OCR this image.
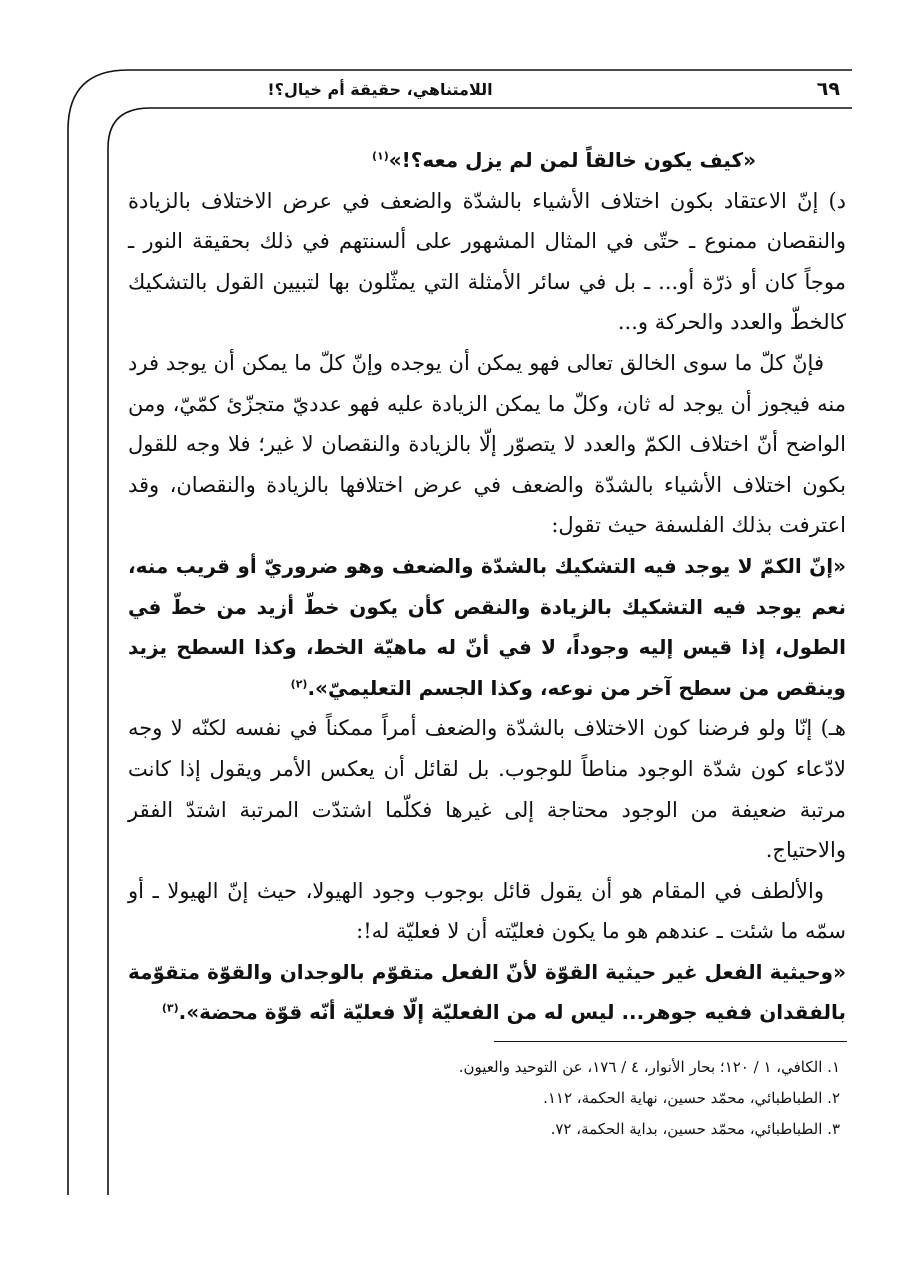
اللامتناهي، حقيقة أم خيال؟!	٦٩

«كيف يكون خالقاً لمن لم يزل معه؟!»$^{(١)}$

د) إنّ الاعتقاد بكون اختلاف الأشياء بالشدّة والضعف في عرض الاختلاف بالزيادة والنقصان ممنوع ـ حتّى في المثال المشهور على ألسنتهم في ذلك بحقيقة النور ـ موجاً كان أو ذرّة أو... ـ بل في سائر الأمثلة التي يمثّلون بها لتبيين القول بالتشكيك كالخطّ والعدد والحركة و...

فإنّ كلّ ما سوى الخالق تعالى فهو يمكن أن يوجده وإنّ كلّ ما يمكن أن يوجد فرد منه فيجوز أن يوجد له ثان، وكلّ ما يمكن الزيادة عليه فهو عدديّ متجزّئ كمّيّ، ومن الواضح أنّ اختلاف الكمّ والعدد لا يتصوّر إلّا بالزيادة والنقصان لا غير؛ فلا وجه للقول بكون اختلاف الأشياء بالشدّة والضعف في عرض اختلافها بالزيادة والنقصان، وقد اعترفت بذلك الفلسفة حيث تقول:

«إنّ الكمّ لا يوجد فيه التشكيك بالشدّة والضعف وهو ضروريّ أو قريب منه، نعم يوجد فيه التشكيك بالزيادة والنقص كأن يكون خطّ أزيد من خطّ في الطول، إذا قيس إليه وجوداً، لا في أنّ له ماهيّة الخط، وكذا السطح يزيد وينقص من سطح آخر من نوعه، وكذا الجسم التعليميّ».$^{(٢)}$

هـ) إنّا ولو فرضنا كون الاختلاف بالشدّة والضعف أمراً ممكناً في نفسه لكنّه لا وجه لادّعاء كون شدّة الوجود مناطاً للوجوب. بل لقائل أن يعكس الأمر ويقول إذا كانت مرتبة ضعيفة من الوجود محتاجة إلى غيرها فكلّما اشتدّت المرتبة اشتدّ الفقر والاحتياج.

والألطف في المقام هو أن يقول قائل بوجوب وجود الهيولا، حيث إنّ الهيولا ـ أو سمّه ما شئت ـ عندهم هو ما يكون فعليّته أن لا فعليّة له!:

«وحيثية الفعل غير حيثية القوّة لأنّ الفعل متقوّم بالوجدان والقوّة متقوّمة بالفقدان ففيه جوهر... ليس له من الفعليّة إلّا فعليّة أنّه قوّة محضة».$^{(٣)}$

١. الكافي، ١ / ١٢٠؛ بحار الأنوار، ٤ / ١٧٦، عن التوحيد والعيون.

٢. الطباطبائي، محمّد حسين، نهاية الحكمة، ١١٢.

٣. الطباطبائي، محمّد حسين، بداية الحكمة، ٧٢.
